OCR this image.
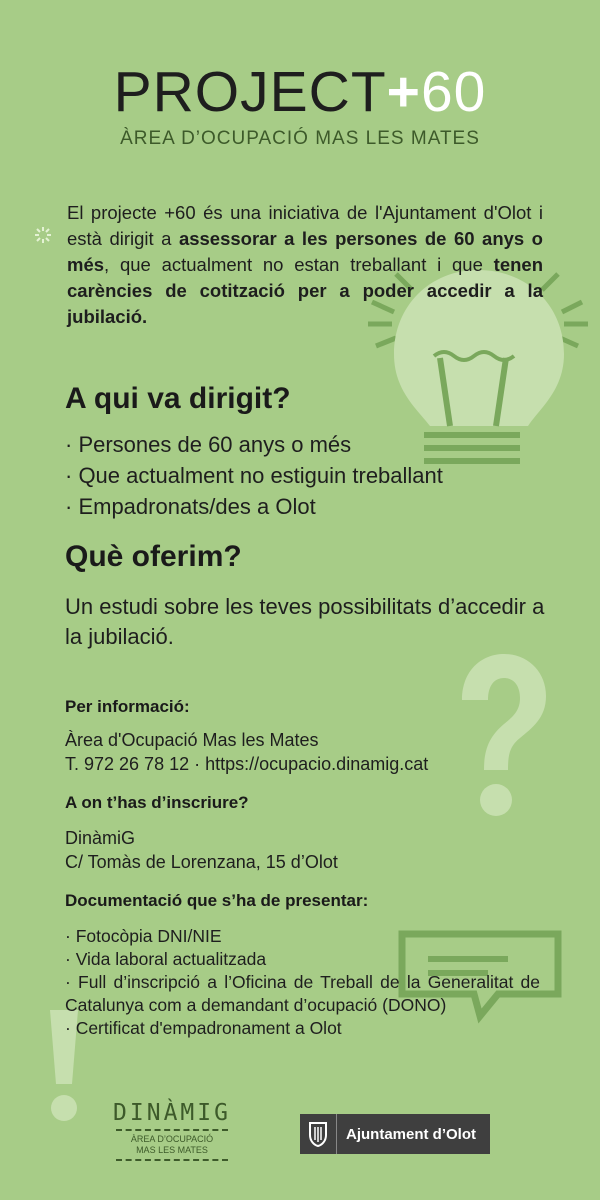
PROJECT+60
ÀREA D’OCUPACIÓ MAS LES MATES
El projecte +60 és una iniciativa de l'Ajuntament d'Olot i està dirigit a assessorar a les persones de 60 anys o més, que actualment no estan treballant i que tenen carències de cotització per a poder accedir a la jubilació.
A qui va dirigit?
· Persones de 60 anys o més
· Que actualment no estiguin treballant
· Empadronats/des a Olot
Què oferim?
Un estudi sobre les teves possibilitats d’accedir a la jubilació.
Per informació:
Àrea d'Ocupació Mas les Mates
T. 972 26 78 12 · https://ocupacio.dinamig.cat
A on t’has d’inscriure?
DinàmiG
C/ Tomàs de Lorenzana, 15 d’Olot
Documentació que s’ha de presentar:
· Fotocòpia DNI/NIE
· Vida laboral actualitzada
· Full d’inscripció a l’Oficina de Treball de la Generalitat de Catalunya com a demandant d’ocupació (DONO)
· Certificat d'empadronament a Olot
DINÀMIG
ÀREA D’OCUPACIÓ
MAS LES MATES
Ajuntament d’Olot
